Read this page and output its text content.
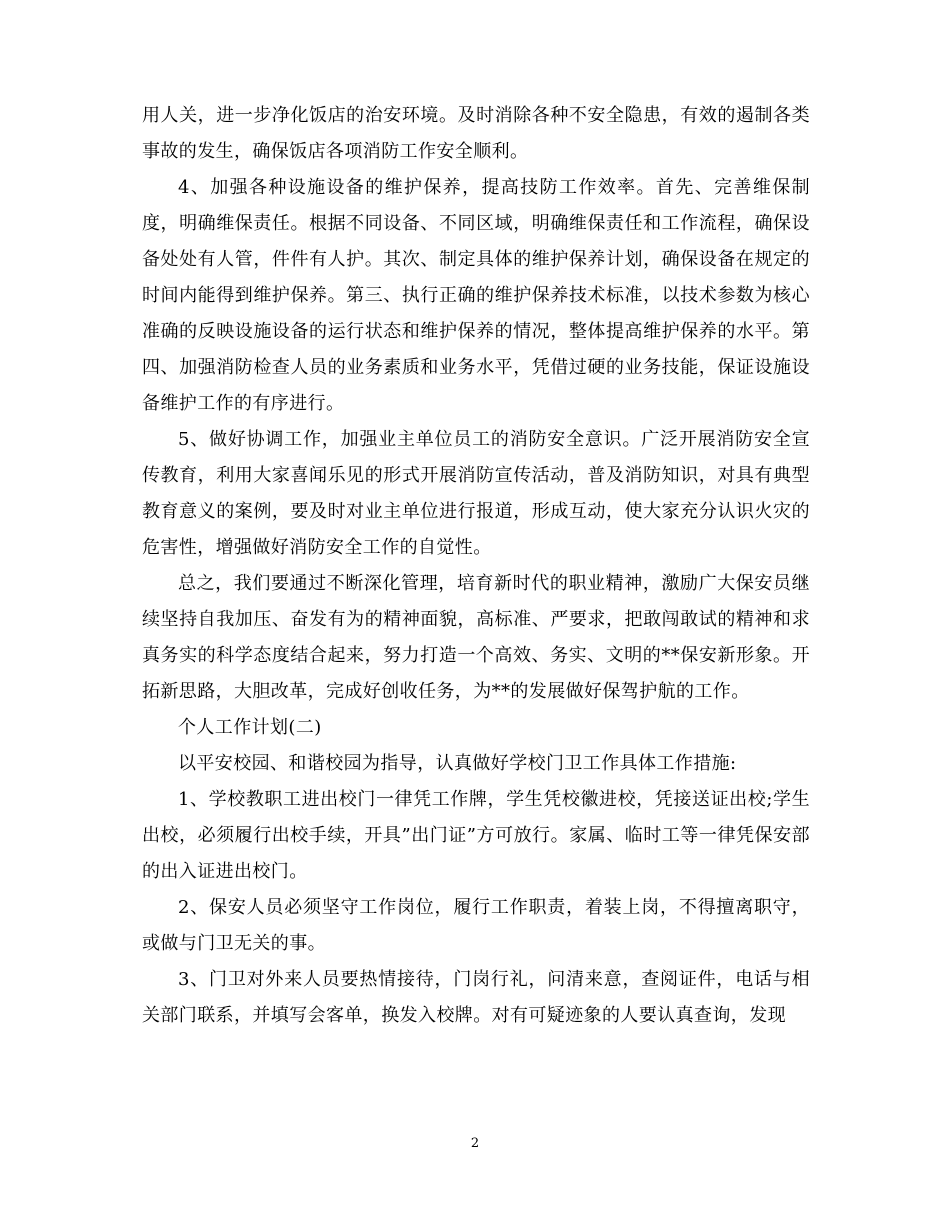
用人关，进一步净化饭店的治安环境。及时消除各种不安全隐患，有效的遏制各类事故的发生，确保饭店各项消防工作安全顺利。

4、加强各种设施设备的维护保养，提高技防工作效率。首先、完善维保制度，明确维保责任。根据不同设备、不同区域，明确维保责任和工作流程，确保设备处处有人管，件件有人护。其次、制定具体的维护保养计划，确保设备在规定的时间内能得到维护保养。第三、执行正确的维护保养技术标准，以技术参数为核心准确的反映设施设备的运行状态和维护保养的情况，整体提高维护保养的水平。第四、加强消防检查人员的业务素质和业务水平，凭借过硬的业务技能，保证设施设备维护工作的有序进行。

5、做好协调工作，加强业主单位员工的消防安全意识。广泛开展消防安全宣传教育，利用大家喜闻乐见的形式开展消防宣传活动，普及消防知识，对具有典型教育意义的案例，要及时对业主单位进行报道，形成互动，使大家充分认识火灾的危害性，增强做好消防安全工作的自觉性。

总之，我们要通过不断深化管理，培育新时代的职业精神，激励广大保安员继续坚持自我加压、奋发有为的精神面貌，高标准、严要求，把敢闯敢试的精神和求真务实的科学态度结合起来，努力打造一个高效、务实、文明的**保安新形象。开拓新思路，大胆改革，完成好创收任务，为**的发展做好保驾护航的工作。

个人工作计划(二)

以平安校园、和谐校园为指导，认真做好学校门卫工作具体工作措施:

1、学校教职工进出校门一律凭工作牌，学生凭校徽进校，凭接送证出校;学生出校，必须履行出校手续，开具”出门证”方可放行。家属、临时工等一律凭保安部的出入证进出校门。

2、保安人员必须坚守工作岗位，履行工作职责，着装上岗，不得擅离职守，或做与门卫无关的事。

3、门卫对外来人员要热情接待，门岗行礼，问清来意，查阅证件，电话与相关部门联系，并填写会客单，换发入校牌。对有可疑迹象的人要认真查询，发现

2
